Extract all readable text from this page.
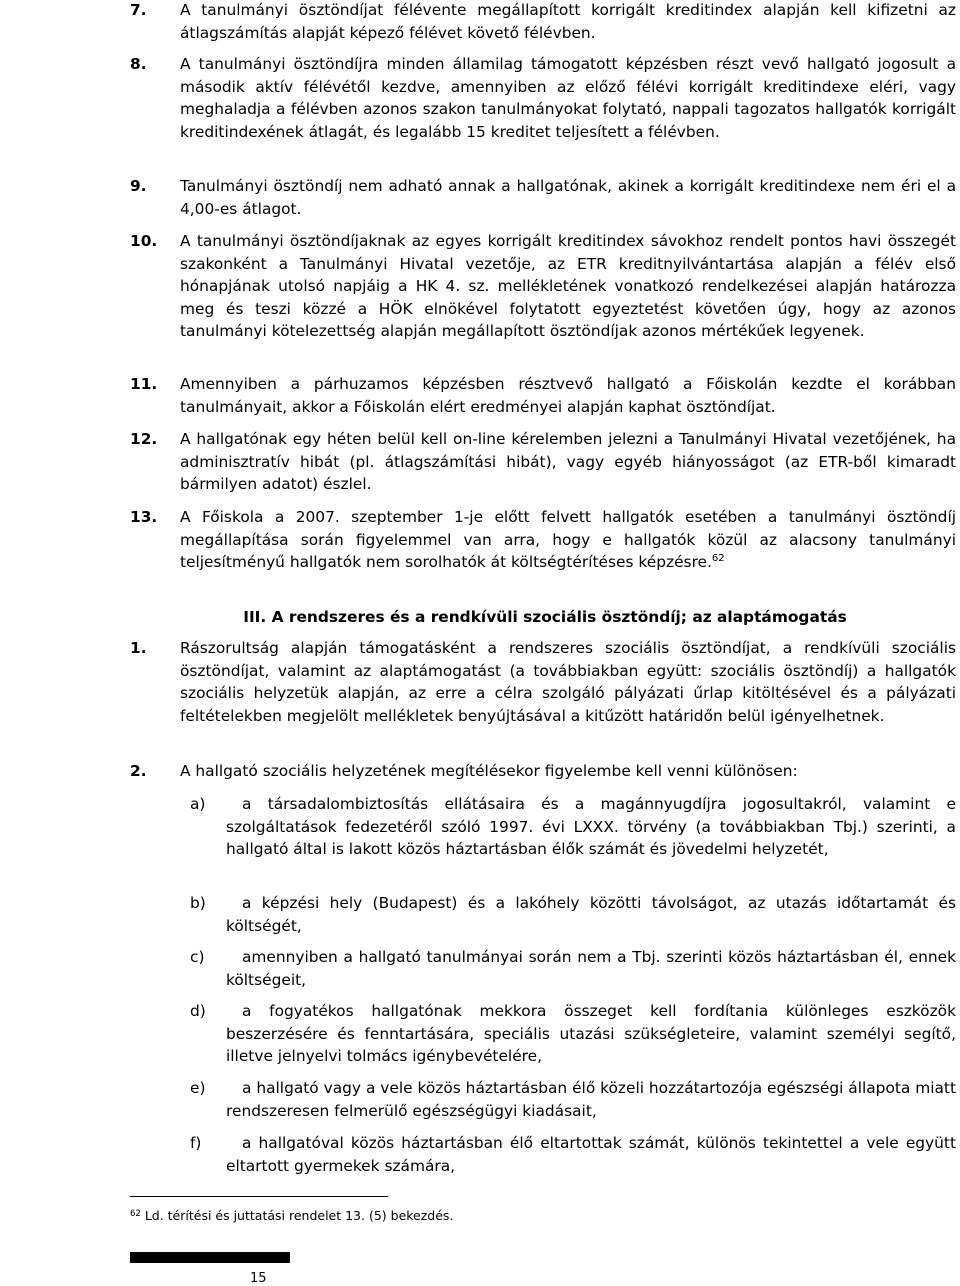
7. A tanulmányi ösztöndíjat félévente megállapított korrigált kreditindex alapján kell kifizetni az átlagszámítás alapját képező félévet követő félévben.
8. A tanulmányi ösztöndíjra minden államilag támogatott képzésben részt vevő hallgató jogosult a második aktív félévétől kezdve, amennyiben az előző félévi korrigált kreditindexe eléri, vagy meghaladja a félévben azonos szakon tanulmányokat folytató, nappali tagozatos hallgatók korrigált kreditindexének átlagát, és legalább 15 kreditet teljesített a félévben.
9. Tanulmányi ösztöndíj nem adható annak a hallgatónak, akinek a korrigált kreditindexe nem éri el a 4,00-es átlagot.
10. A tanulmányi ösztöndíjaknak az egyes korrigált kreditindex sávokhoz rendelt pontos havi összegét szakonként a Tanulmányi Hivatal vezetője, az ETR kreditnyilvántartása alapján a félév első hónapjának utolsó napjáig a HK 4. sz. mellékletének vonatkozó rendelkezései alapján határozza meg és teszi közzé a HÖK elnökével folytatott egyeztetést követően úgy, hogy az azonos tanulmányi kötelezettség alapján megállapított ösztöndíjak azonos mértékűek legyenek.
11. Amennyiben a párhuzamos képzésben résztvevő hallgató a Főiskolán kezdte el korábban tanulmányait, akkor a Főiskolán elért eredményei alapján kaphat ösztöndíjat.
12. A hallgatónak egy héten belül kell on-line kérelemben jelezni a Tanulmányi Hivatal vezetőjének, ha adminisztratív hibát (pl. átlagszámítási hibát), vagy egyéb hiányosságot (az ETR-ből kimaradt bármilyen adatot) észlel.
13. A Főiskola a 2007. szeptember 1-je előtt felvett hallgatók esetében a tanulmányi ösztöndíj megállapítása során figyelemmel van arra, hogy e hallgatók közül az alacsony tanulmányi teljesítményű hallgatók nem sorolhatók át költségtérítéses képzésre.$^{62}$
III. A rendszeres és a rendkívüli szociális ösztöndíj; az alaptámogatás
1. Rászorultság alapján támogatásként a rendszeres szociális ösztöndíjat, a rendkívüli szociális ösztöndíjat, valamint az alaptámogatást (a továbbiakban együtt: szociális ösztöndíj) a hallgatók szociális helyzetük alapján, az erre a célra szolgáló pályázati űrlap kitöltésével és a pályázati feltételekben megjelölt mellékletek benyújtásával a kitűzött határidőn belül igényelhetnek.
2. A hallgató szociális helyzetének megítélésekor figyelembe kell venni különösen:
a)	a társadalombiztosítás ellátásaira és a magánnyugdíjra jogosultakról, valamint e szolgáltatások fedezetéről szóló 1997. évi LXXX. törvény (a továbbiakban Tbj.) szerinti, a hallgató által is lakott közös háztartásban élők számát és jövedelmi helyzetét,
b)	a képzési hely (Budapest) és a lakóhely közötti távolságot, az utazás időtartamát és költségét,
c)	amennyiben a hallgató tanulmányai során nem a Tbj. szerinti közös háztartásban él, ennek költségeit,
d)	a fogyatékos hallgatónak mekkora összeget kell fordítania különleges eszközök beszerzésére és fenntartására, speciális utazási szükségleteire, valamint személyi segítő, illetve jelnyelvi tolmács igénybevételére,
e)	a hallgató vagy a vele közös háztartásban élő közeli hozzátartozója egészségi állapota miatt rendszeresen felmerülő egészségügyi kiadásait,
f)	a hallgatóval közös háztartásban élő eltartottak számát, különös tekintettel a vele együtt eltartott gyermekek számára,
$^{62}$ Ld. térítési és juttatási rendelet 13. (5) bekezdés.
15
